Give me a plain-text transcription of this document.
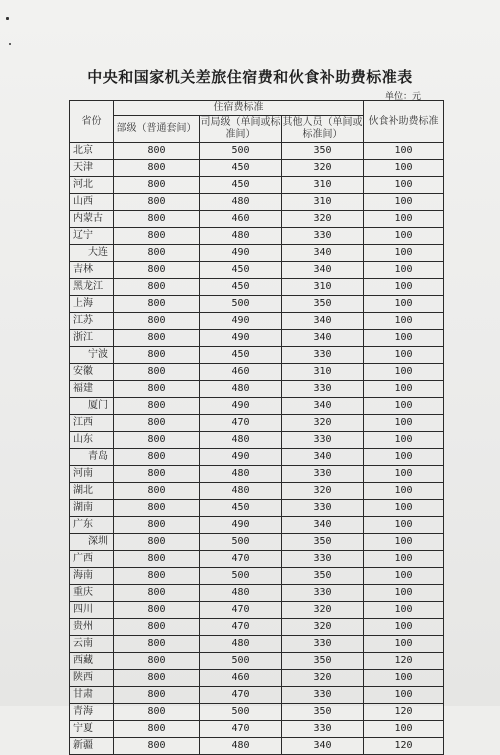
中央和国家机关差旅住宿费和伙食补助费标准表
单位：元
省份	住宿费标准			伙食补助费标准
	部级（普通套间）	司局级（单间或标准间）	其他人员（单间或标准间）	
北京	800	500	350	100
天津	800	450	320	100
河北	800	450	310	100
山西	800	480	310	100
内蒙古	800	460	320	100
辽宁	800	480	330	100
大连	800	490	340	100
吉林	800	450	340	100
黑龙江	800	450	310	100
上海	800	500	350	100
江苏	800	490	340	100
浙江	800	490	340	100
宁波	800	450	330	100
安徽	800	460	310	100
福建	800	480	330	100
厦门	800	490	340	100
江西	800	470	320	100
山东	800	480	330	100
青岛	800	490	340	100
河南	800	480	330	100
湖北	800	480	320	100
湖南	800	450	330	100
广东	800	490	340	100
深圳	800	500	350	100
广西	800	470	330	100
海南	800	500	350	100
重庆	800	480	330	100
四川	800	470	320	100
贵州	800	470	320	100
云南	800	480	330	100
西藏	800	500	350	120
陕西	800	460	320	100
甘肃	800	470	330	100
青海	800	500	350	120
宁夏	800	470	330	100
新疆	800	480	340	120
